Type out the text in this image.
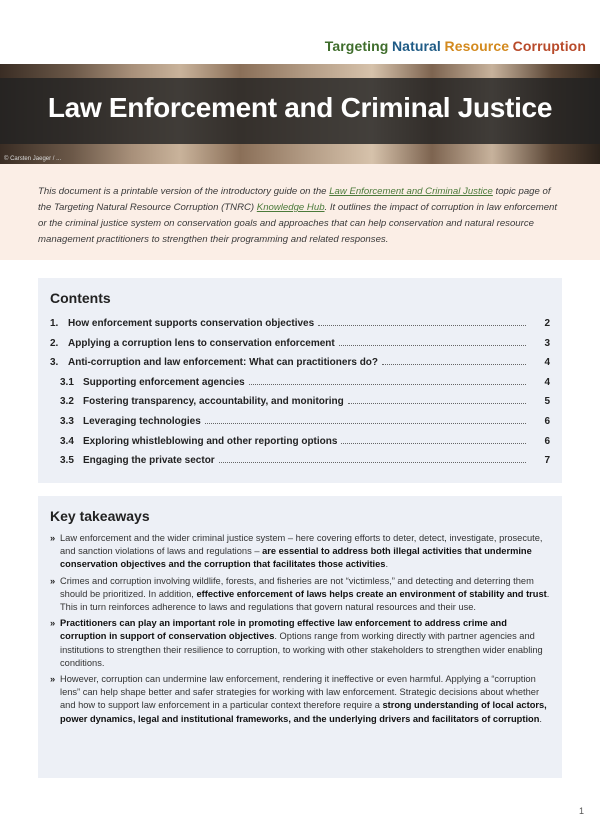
Targeting Natural Resource Corruption
Law Enforcement and Criminal Justice
© Carsten Jaeger / ...

This document is a printable version of the introductory guide on the Law Enforcement and Criminal Justice topic page of the Targeting Natural Resource Corruption (TNRC) Knowledge Hub. It outlines the impact of corruption in law enforcement or the criminal justice system on conservation goals and approaches that can help conservation and natural resource management practitioners to strengthen their programming and related responses.

Contents
1. How enforcement supports conservation objectives	2
2. Applying a corruption lens to conservation enforcement	3
3. Anti-corruption and law enforcement: What can practitioners do?	4
3.1 Supporting enforcement agencies	4
3.2 Fostering transparency, accountability, and monitoring	5
3.3 Leveraging technologies	6
3.4 Exploring whistleblowing and other reporting options	6
3.5 Engaging the private sector	7
Key takeaways
» Law enforcement and the wider criminal justice system – here covering efforts to deter, detect, investigate, prosecute, and sanction violations of laws and regulations – are essential to address both illegal activities that undermine conservation objectives and the corruption that facilitates those activities.
» Crimes and corruption involving wildlife, forests, and fisheries are not “victimless,” and detecting and deterring them should be prioritized. In addition, effective enforcement of laws helps create an environment of stability and trust. This in turn reinforces adherence to laws and regulations that govern natural resources and their use.
» Practitioners can play an important role in promoting effective law enforcement to address crime and corruption in support of conservation objectives. Options range from working directly with partner agencies and institutions to strengthen their resilience to corruption, to working with other stakeholders to strengthen wider enabling conditions.
» However, corruption can undermine law enforcement, rendering it ineffective or even harmful. Applying a “corruption lens” can help shape better and safer strategies for working with law enforcement. Strategic decisions about whether and how to support law enforcement in a particular context therefore require a strong understanding of local actors, power dynamics, legal and institutional frameworks, and the underlying drivers and facilitators of corruption.
1
